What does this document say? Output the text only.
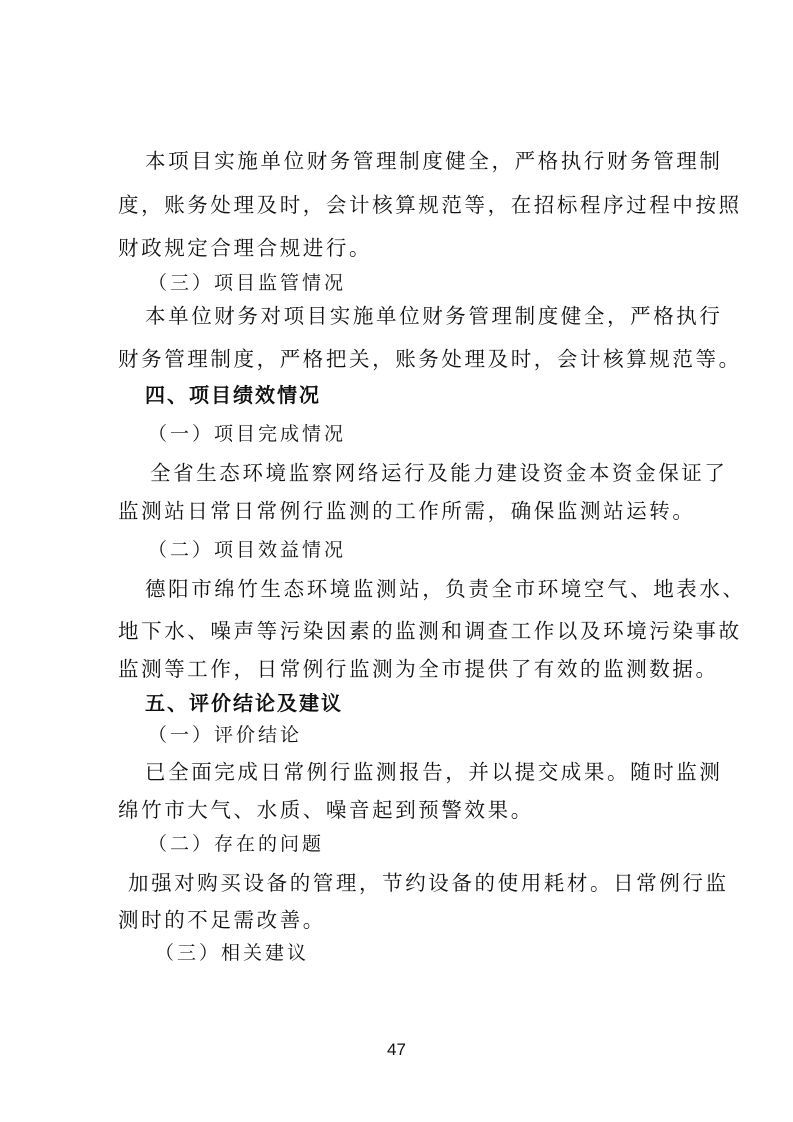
本项目实施单位财务管理制度健全，严格执行财务管理制
度，账务处理及时，会计核算规范等，在招标程序过程中按照
财政规定合理合规进行。
（三）项目监管情况
本单位财务对项目实施单位财务管理制度健全，严格执行
财务管理制度，严格把关，账务处理及时，会计核算规范等。
四、项目绩效情况
（一）项目完成情况
全省生态环境监察网络运行及能力建设资金本资金保证了
监测站日常日常例行监测的工作所需，确保监测站运转。
（二）项目效益情况
德阳市绵竹生态环境监测站，负责全市环境空气、地表水、
地下水、噪声等污染因素的监测和调查工作以及环境污染事故
监测等工作，日常例行监测为全市提供了有效的监测数据。
五、评价结论及建议
（一）评价结论
已全面完成日常例行监测报告，并以提交成果。随时监测
绵竹市大气、水质、噪音起到预警效果。
（二）存在的问题
加强对购买设备的管理，节约设备的使用耗材。日常例行监
测时的不足需改善。
（三）相关建议
47
